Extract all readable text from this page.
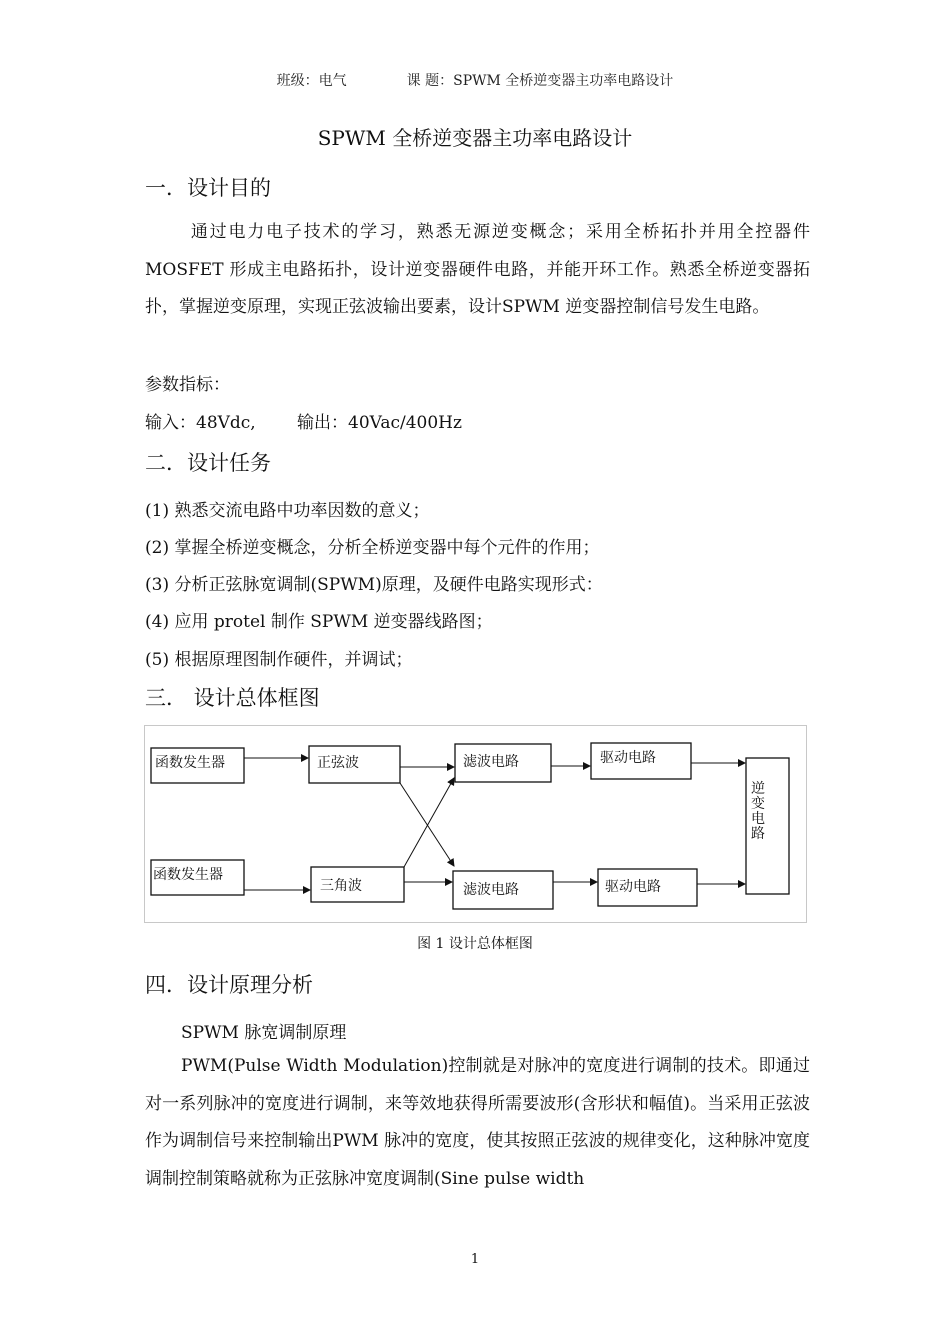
班级：电气	课 题：SPWM 全桥逆变器主功率电路设计
SPWM 全桥逆变器主功率电路设计
一．设计目的
通过电力电子技术的学习，熟悉无源逆变概念；采用全桥拓扑并用全控器件 MOSFET 形成主电路拓扑，设计逆变器硬件电路，并能开环工作。熟悉全桥逆变器拓扑，掌握逆变原理，实现正弦波输出要素，设计SPWM 逆变器控制信号发生电路。
参数指标：
输入：48Vdc, 输出：40Vac/400Hz
二．设计任务
(1) 熟悉交流电路中功率因数的意义；
(2) 掌握全桥逆变概念，分析全桥逆变器中每个元件的作用；
(3) 分析正弦脉宽调制(SPWM)原理，及硬件电路实现形式：
(4) 应用 protel 制作 SPWM 逆变器线路图；
(5) 根据原理图制作硬件，并调试；
三． 设计总体框图
函数发生器
函数发生器
正弦波
三角波
滤波电路
滤波电路
驱动电路
驱动电路
逆
变
电
路
图 1 设计总体框图
四．设计原理分析
SPWM 脉宽调制原理
PWM(Pulse Width Modulation)控制就是对脉冲的宽度进行调制的技术。即通过对一系列脉冲的宽度进行调制，来等效地获得所需要波形(含形状和幅值)。当采用正弦波作为调制信号来控制输出PWM 脉冲的宽度，使其按照正弦波的规律变化，这种脉冲宽度调制控制策略就称为正弦脉冲宽度调制(Sine pulse width
1
